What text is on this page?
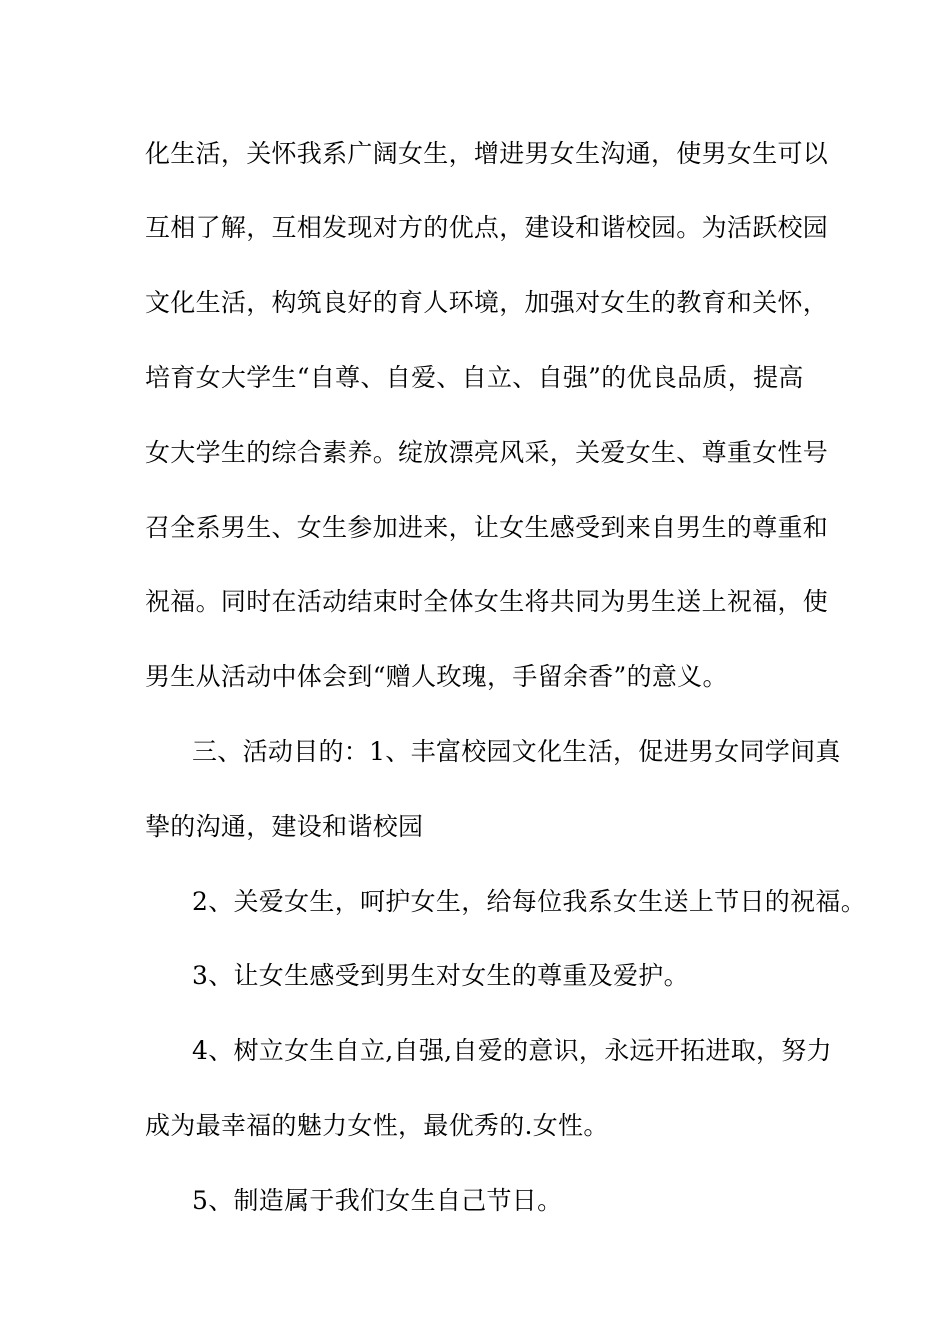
化生活，关怀我系广阔女生，增进男女生沟通，使男女生可以
互相了解，互相发现对方的优点，建设和谐校园。为活跃校园
文化生活，构筑良好的育人环境，加强对女生的教育和关怀，
培育女大学生“自尊、自爱、自立、自强”的优良品质，提高
女大学生的综合素养。绽放漂亮风采，关爱女生、尊重女性号
召全系男生、女生参加进来，让女生感受到来自男生的尊重和
祝福。同时在活动结束时全体女生将共同为男生送上祝福，使
男生从活动中体会到“赠人玫瑰，手留余香”的意义。
三、活动目的：1、丰富校园文化生活，促进男女同学间真
挚的沟通，建设和谐校园
2、关爱女生，呵护女生，给每位我系女生送上节日的祝福。
3、让女生感受到男生对女生的尊重及爱护。
4、树立女生自立,自强,自爱的意识，永远开拓进取，努力
成为最幸福的魅力女性，最优秀的.女性。
5、制造属于我们女生自己节日。
